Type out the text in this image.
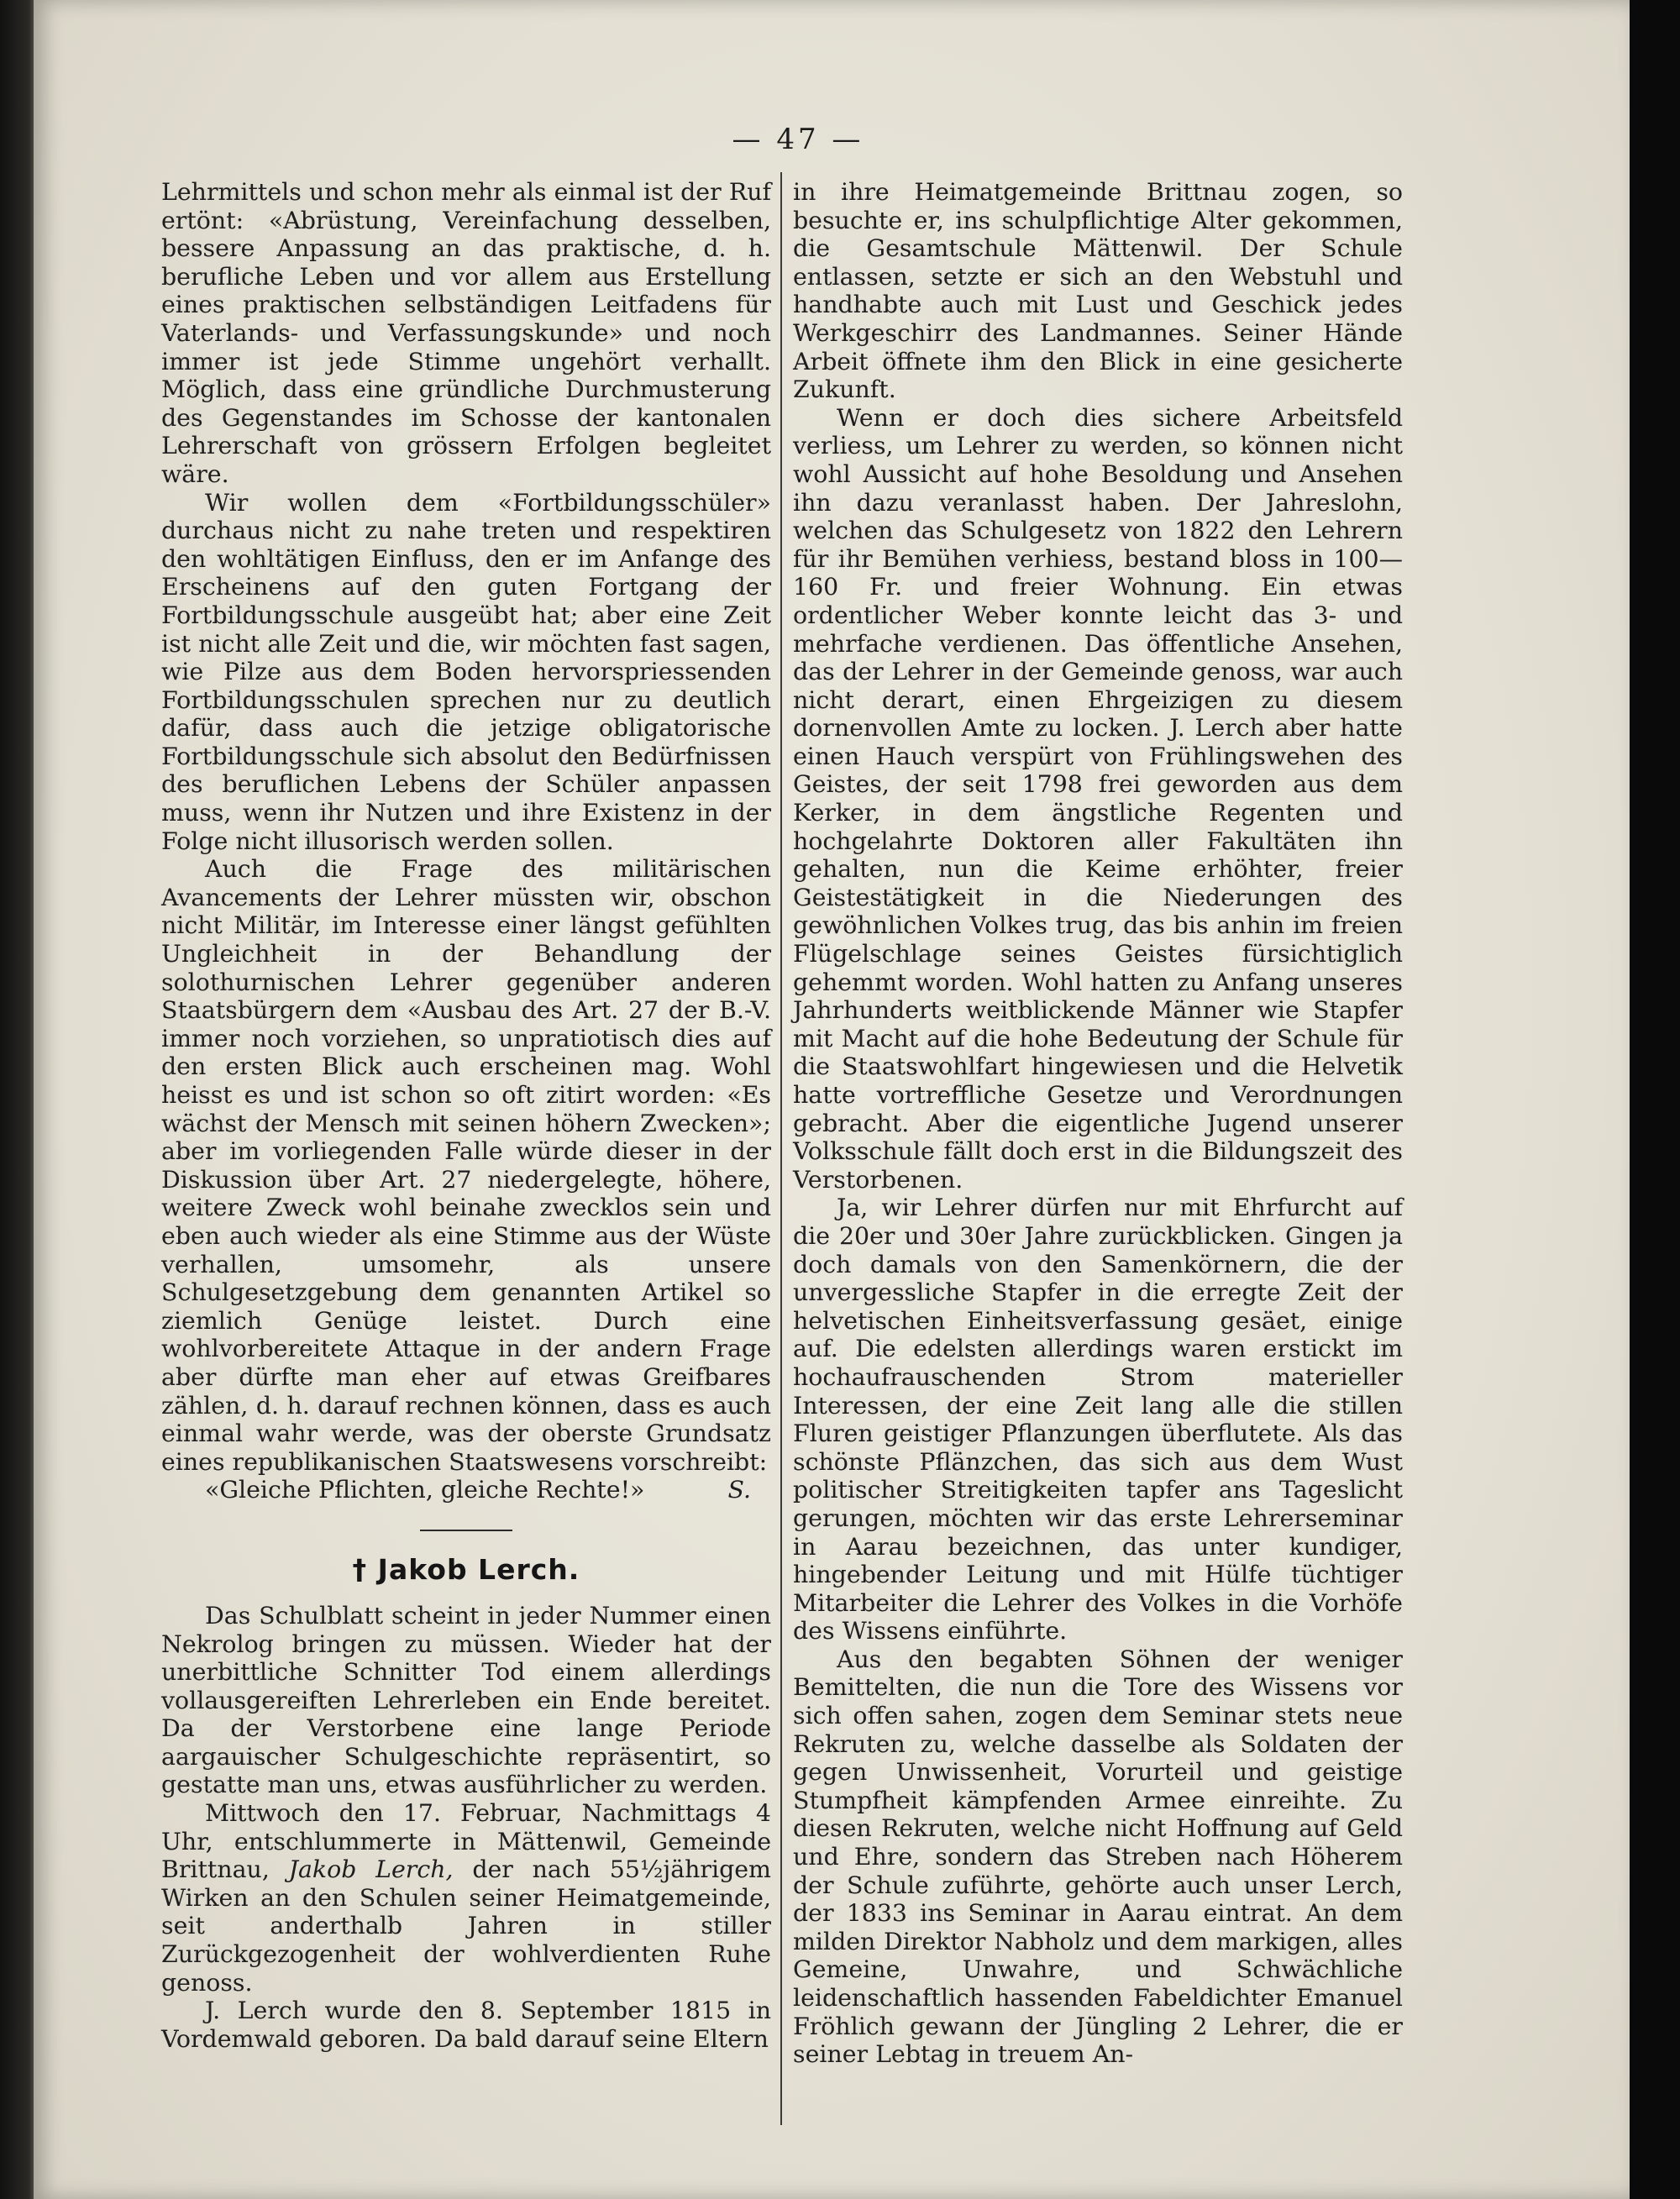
— 47 —

Lehrmittels und schon mehr als einmal ist der Ruf ertönt: «Abrüstung, Vereinfachung desselben, bessere Anpassung an das praktische, d. h. berufliche Leben und vor allem aus Erstellung eines praktischen selbständigen Leitfadens für Vaterlands- und Verfassungskunde» und noch immer ist jede Stimme ungehört verhallt. Möglich, dass eine gründliche Durchmusterung des Gegenstandes im Schosse der kantonalen Lehrerschaft von grössern Erfolgen begleitet wäre.

Wir wollen dem «Fortbildungsschüler» durchaus nicht zu nahe treten und respektiren den wohltätigen Einfluss, den er im Anfange des Erscheinens auf den guten Fortgang der Fortbildungsschule ausgeübt hat; aber eine Zeit ist nicht alle Zeit und die, wir möchten fast sagen, wie Pilze aus dem Boden hervorspriessenden Fortbildungsschulen sprechen nur zu deutlich dafür, dass auch die jetzige obligatorische Fortbildungsschule sich absolut den Bedürfnissen des beruflichen Lebens der Schüler anpassen muss, wenn ihr Nutzen und ihre Existenz in der Folge nicht illusorisch werden sollen.

Auch die Frage des militärischen Avancements der Lehrer müssten wir, obschon nicht Militär, im Interesse einer längst gefühlten Ungleichheit in der Behandlung der solothurnischen Lehrer gegenüber anderen Staatsbürgern dem «Ausbau des Art. 27 der B.-V. immer noch vorziehen, so unpratiotisch dies auf den ersten Blick auch erscheinen mag. Wohl heisst es und ist schon so oft zitirt worden: «Es wächst der Mensch mit seinen höhern Zwecken»; aber im vorliegenden Falle würde dieser in der Diskussion über Art. 27 niedergelegte, höhere, weitere Zweck wohl beinahe zwecklos sein und eben auch wieder als eine Stimme aus der Wüste verhallen, umsomehr, als unsere Schulgesetzgebung dem genannten Artikel so ziemlich Genüge leistet. Durch eine wohlvorbereitete Attaque in der andern Frage aber dürfte man eher auf etwas Greifbares zählen, d. h. darauf rechnen können, dass es auch einmal wahr werde, was der oberste Grundsatz eines republikanischen Staatswesens vorschreibt:

«Gleiche Pflichten, gleiche Rechte!»	S.
† Jakob Lerch.

Das Schulblatt scheint in jeder Nummer einen Nekrolog bringen zu müssen. Wieder hat der unerbittliche Schnitter Tod einem allerdings vollausgereiften Lehrerleben ein Ende bereitet. Da der Verstorbene eine lange Periode aargauischer Schulgeschichte repräsentirt, so gestatte man uns, etwas ausführlicher zu werden.

Mittwoch den 17. Februar, Nachmittags 4 Uhr, entschlummerte in Mättenwil, Gemeinde Brittnau, Jakob Lerch, der nach 55½jährigem Wirken an den Schulen seiner Heimatgemeinde, seit anderthalb Jahren in stiller Zurückgezogenheit der wohlverdienten Ruhe genoss.

J. Lerch wurde den 8. September 1815 in Vordemwald geboren. Da bald darauf seine Eltern

in ihre Heimatgemeinde Brittnau zogen, so besuchte er, ins schulpflichtige Alter gekommen, die Gesamtschule Mättenwil. Der Schule entlassen, setzte er sich an den Webstuhl und handhabte auch mit Lust und Geschick jedes Werkgeschirr des Landmannes. Seiner Hände Arbeit öffnete ihm den Blick in eine gesicherte Zukunft.

Wenn er doch dies sichere Arbeitsfeld verliess, um Lehrer zu werden, so können nicht wohl Aussicht auf hohe Besoldung und Ansehen ihn dazu veranlasst haben. Der Jahreslohn, welchen das Schulgesetz von 1822 den Lehrern für ihr Bemühen verhiess, bestand bloss in 100—160 Fr. und freier Wohnung. Ein etwas ordentlicher Weber konnte leicht das 3- und mehrfache verdienen. Das öffentliche Ansehen, das der Lehrer in der Gemeinde genoss, war auch nicht derart, einen Ehrgeizigen zu diesem dornenvollen Amte zu locken. J. Lerch aber hatte einen Hauch verspürt von Frühlingswehen des Geistes, der seit 1798 frei geworden aus dem Kerker, in dem ängstliche Regenten und hochgelahrte Doktoren aller Fakultäten ihn gehalten, nun die Keime erhöhter, freier Geistestätigkeit in die Niederungen des gewöhnlichen Volkes trug, das bis anhin im freien Flügelschlage seines Geistes fürsichtiglich gehemmt worden. Wohl hatten zu Anfang unseres Jahrhunderts weitblickende Männer wie Stapfer mit Macht auf die hohe Bedeutung der Schule für die Staatswohlfart hingewiesen und die Helvetik hatte vortreffliche Gesetze und Verordnungen gebracht. Aber die eigentliche Jugend unserer Volksschule fällt doch erst in die Bildungszeit des Verstorbenen.

Ja, wir Lehrer dürfen nur mit Ehrfurcht auf die 20er und 30er Jahre zurückblicken. Gingen ja doch damals von den Samenkörnern, die der unvergessliche Stapfer in die erregte Zeit der helvetischen Einheitsverfassung gesäet, einige auf. Die edelsten allerdings waren erstickt im hochaufrauschenden Strom materieller Interessen, der eine Zeit lang alle die stillen Fluren geistiger Pflanzungen überflutete. Als das schönste Pflänzchen, das sich aus dem Wust politischer Streitigkeiten tapfer ans Tageslicht gerungen, möchten wir das erste Lehrerseminar in Aarau bezeichnen, das unter kundiger, hingebender Leitung und mit Hülfe tüchtiger Mitarbeiter die Lehrer des Volkes in die Vorhöfe des Wissens einführte.

Aus den begabten Söhnen der weniger Bemittelten, die nun die Tore des Wissens vor sich offen sahen, zogen dem Seminar stets neue Rekruten zu, welche dasselbe als Soldaten der gegen Unwissenheit, Vorurteil und geistige Stumpfheit kämpfenden Armee einreihte. Zu diesen Rekruten, welche nicht Hoffnung auf Geld und Ehre, sondern das Streben nach Höherem der Schule zuführte, gehörte auch unser Lerch, der 1833 ins Seminar in Aarau eintrat. An dem milden Direktor Nabholz und dem markigen, alles Gemeine, Unwahre, und Schwächliche leidenschaftlich hassenden Fabeldichter Emanuel Fröhlich gewann der Jüngling 2 Lehrer, die er seiner Lebtag in treuem An-
